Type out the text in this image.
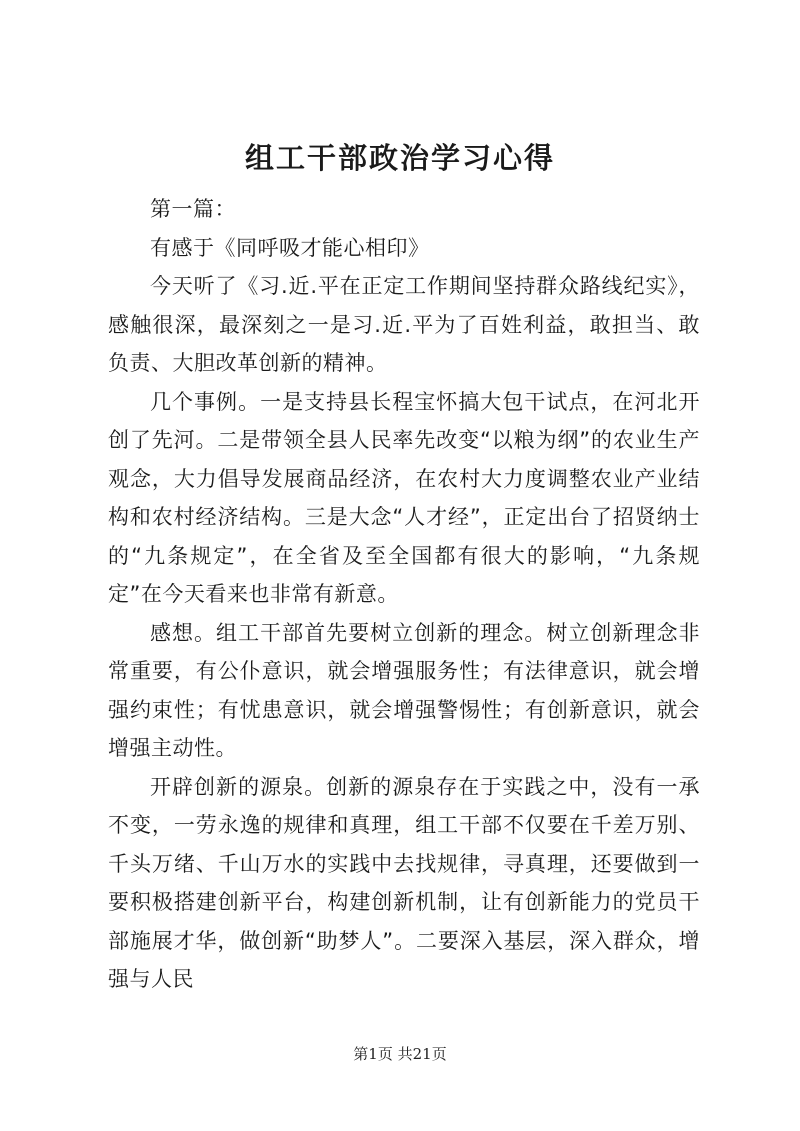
组工干部政治学习心得

第一篇：

有感于《同呼吸才能心相印》

今天听了《习.近.平在正定工作期间坚持群众路线纪实》，感触很深，最深刻之一是习.近.平为了百姓利益，敢担当、敢负责、大胆改革创新的精神。

几个事例。一是支持县长程宝怀搞大包干试点，在河北开创了先河。二是带领全县人民率先改变“以粮为纲”的农业生产观念，大力倡导发展商品经济，在农村大力度调整农业产业结构和农村经济结构。三是大念“人才经”，正定出台了招贤纳士的“九条规定”，在全省及至全国都有很大的影响，“九条规定”在今天看来也非常有新意。

感想。组工干部首先要树立创新的理念。树立创新理念非常重要，有公仆意识，就会增强服务性；有法律意识，就会增强约束性；有忧患意识，就会增强警惕性；有创新意识，就会增强主动性。

开辟创新的源泉。创新的源泉存在于实践之中，没有一承不变，一劳永逸的规律和真理，组工干部不仅要在千差万别、千头万绪、千山万水的实践中去找规律，寻真理，还要做到一要积极搭建创新平台，构建创新机制，让有创新能力的党员干部施展才华，做创新“助梦人”。二要深入基层，深入群众，增强与人民

第1页 共21页
